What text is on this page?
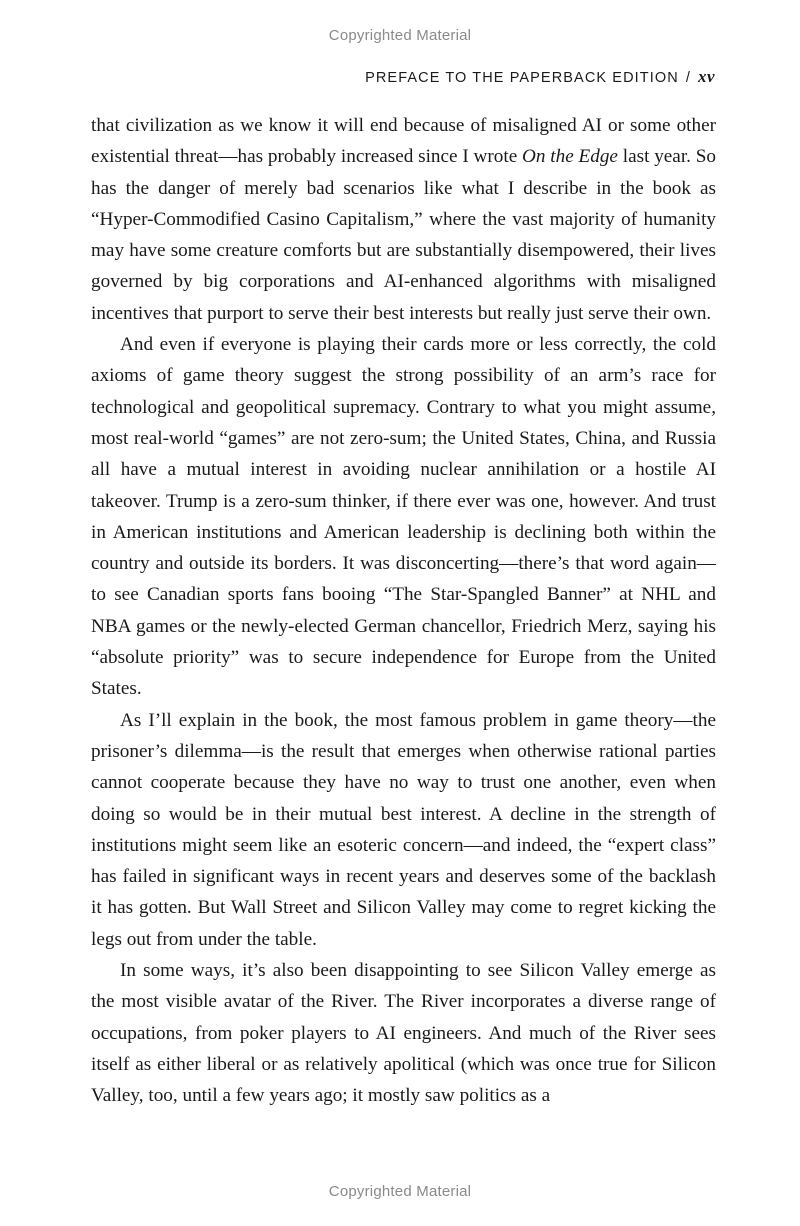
Copyrighted Material
PREFACE TO THE PAPERBACK EDITION / xv

that civilization as we know it will end because of misaligned AI or some other existential threat—has probably increased since I wrote On the Edge last year. So has the danger of merely bad scenarios like what I describe in the book as “Hyper-Commodified Casino Capitalism,” where the vast majority of humanity may have some creature comforts but are substantially disempowered, their lives governed by big corporations and AI-enhanced algorithms with misaligned incentives that purport to serve their best interests but really just serve their own.

And even if everyone is playing their cards more or less correctly, the cold axioms of game theory suggest the strong possibility of an arm’s race for technological and geopolitical supremacy. Contrary to what you might assume, most real-world “games” are not zero-sum; the United States, China, and Russia all have a mutual interest in avoiding nuclear annihilation or a hostile AI takeover. Trump is a zero-sum thinker, if there ever was one, however. And trust in American institutions and American leadership is declining both within the country and outside its borders. It was disconcerting—there’s that word again—to see Canadian sports fans booing “The Star-Spangled Banner” at NHL and NBA games or the newly-elected German chancellor, Friedrich Merz, saying his “absolute priority” was to secure independence for Europe from the United States.

As I’ll explain in the book, the most famous problem in game theory—the prisoner’s dilemma—is the result that emerges when otherwise rational parties cannot cooperate because they have no way to trust one another, even when doing so would be in their mutual best interest. A decline in the strength of institutions might seem like an esoteric concern—and indeed, the “expert class” has failed in significant ways in recent years and deserves some of the backlash it has gotten. But Wall Street and Silicon Valley may come to regret kicking the legs out from under the table.

In some ways, it’s also been disappointing to see Silicon Valley emerge as the most visible avatar of the River. The River incorporates a diverse range of occupations, from poker players to AI engineers. And much of the River sees itself as either liberal or as relatively apolitical (which was once true for Silicon Valley, too, until a few years ago; it mostly saw politics as a

Copyrighted Material
